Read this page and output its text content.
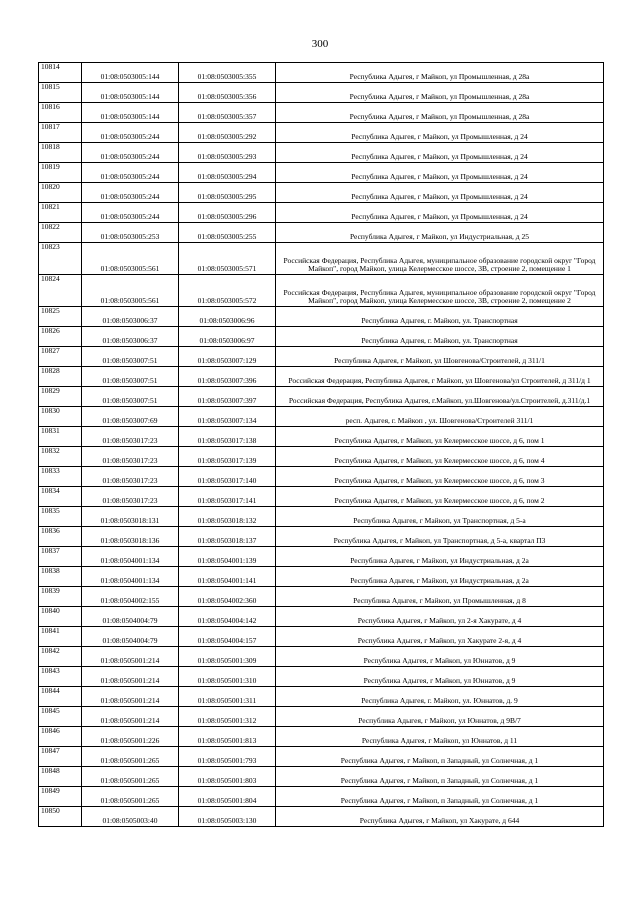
300
10814	01:08:0503005:144	01:08:0503005:355	Республика Адыгея, г Майкоп, ул Промышленная, д 28а
10815	01:08:0503005:144	01:08:0503005:356	Республика Адыгея, г Майкоп, ул Промышленная, д 28а
10816	01:08:0503005:144	01:08:0503005:357	Республика Адыгея, г Майкоп, ул Промышленная, д 28а
10817	01:08:0503005:244	01:08:0503005:292	Республика Адыгея, г Майкоп, ул Промышленная, д 24
10818	01:08:0503005:244	01:08:0503005:293	Республика Адыгея, г Майкоп, ул Промышленная, д 24
10819	01:08:0503005:244	01:08:0503005:294	Республика Адыгея, г Майкоп, ул Промышленная, д 24
10820	01:08:0503005:244	01:08:0503005:295	Республика Адыгея, г Майкоп, ул Промышленная, д 24
10821	01:08:0503005:244	01:08:0503005:296	Республика Адыгея, г Майкоп, ул Промышленная, д 24
10822	01:08:0503005:253	01:08:0503005:255	Республика Адыгея, г Майкоп, ул Индустриальная, д 25
10823	01:08:0503005:561	01:08:0503005:571	Российская Федерация, Республика Адыгея, муниципальное образование городской округ "Город Майкоп", город Майкоп, улица Келермесское шоссе, 3В, строение 2, помещение 1
10824	01:08:0503005:561	01:08:0503005:572	Российская Федерация, Республика Адыгея, муниципальное образование городской округ "Город Майкоп", город Майкоп, улица Келермесское шоссе, 3В, строение 2, помещение 2
10825	01:08:0503006:37	01:08:0503006:96	Республика Адыгея, г. Майкоп, ул. Транспортная
10826	01:08:0503006:37	01:08:0503006:97	Республика Адыгея, г. Майкоп, ул. Транспортная
10827	01:08:0503007:51	01:08:0503007:129	Республика Адыгея, г Майкоп, ул Шовгенова/Строителей, д 311/1
10828	01:08:0503007:51	01:08:0503007:396	Российская Федерация, Республика Адыгея, г Майкоп, ул Шовгенова/ул Строителей, д 311/д 1
10829	01:08:0503007:51	01:08:0503007:397	Российская Федерация, Республика Адыгея, г.Майкоп, ул.Шовгенова/ул.Строителей, д.311/д.1
10830	01:08:0503007:69	01:08:0503007:134	респ. Адыгея, г. Майкоп , ул. Шовгенова/Строителей 311/1
10831	01:08:0503017:23	01:08:0503017:138	Республика Адыгея, г Майкоп, ул Келермесское шоссе, д 6, пом 1
10832	01:08:0503017:23	01:08:0503017:139	Республика Адыгея, г Майкоп, ул Келермесское шоссе, д 6, пом 4
10833	01:08:0503017:23	01:08:0503017:140	Республика Адыгея, г Майкоп, ул Келермесское шоссе, д 6, пом 3
10834	01:08:0503017:23	01:08:0503017:141	Республика Адыгея, г Майкоп, ул Келермесское шоссе, д 6, пом 2
10835	01:08:0503018:131	01:08:0503018:132	Республика Адыгея, г Майкоп, ул Транспортная, д 5-а
10836	01:08:0503018:136	01:08:0503018:137	Республика Адыгея, г Майкоп, ул Транспортная, д 5-а, квартал П3
10837	01:08:0504001:134	01:08:0504001:139	Республика Адыгея, г Майкоп, ул Индустриальная, д 2а
10838	01:08:0504001:134	01:08:0504001:141	Республика Адыгея, г Майкоп, ул Индустриальная, д 2а
10839	01:08:0504002:155	01:08:0504002:360	Республика Адыгея, г Майкоп, ул Промышленная, д 8
10840	01:08:0504004:79	01:08:0504004:142	Республика Адыгея, г Майкоп, ул 2-я Хакурате, д 4
10841	01:08:0504004:79	01:08:0504004:157	Республика Адыгея, г Майкоп, ул Хакурате 2-я, д 4
10842	01:08:0505001:214	01:08:0505001:309	Республика Адыгея, г Майкоп, ул Юннатов, д 9
10843	01:08:0505001:214	01:08:0505001:310	Республика Адыгея, г Майкоп, ул Юннатов, д 9
10844	01:08:0505001:214	01:08:0505001:311	Республика Адыгея, г. Майкоп, ул. Юннатов, д. 9
10845	01:08:0505001:214	01:08:0505001:312	Республика Адыгея, г Майкоп, ул Юннатов, д 9В/7
10846	01:08:0505001:226	01:08:0505001:813	Республика Адыгея, г Майкоп, ул Юннатов, д 11
10847	01:08:0505001:265	01:08:0505001:793	Республика Адыгея, г Майкоп, п Западный, ул Солнечная, д 1
10848	01:08:0505001:265	01:08:0505001:803	Республика Адыгея, г Майкоп, п Западный, ул Солнечная, д 1
10849	01:08:0505001:265	01:08:0505001:804	Республика Адыгея, г Майкоп, п Западный, ул Солнечная, д 1
10850	01:08:0505003:40	01:08:0505003:130	Республика Адыгея, г Майкоп, ул Хакурате, д 644
